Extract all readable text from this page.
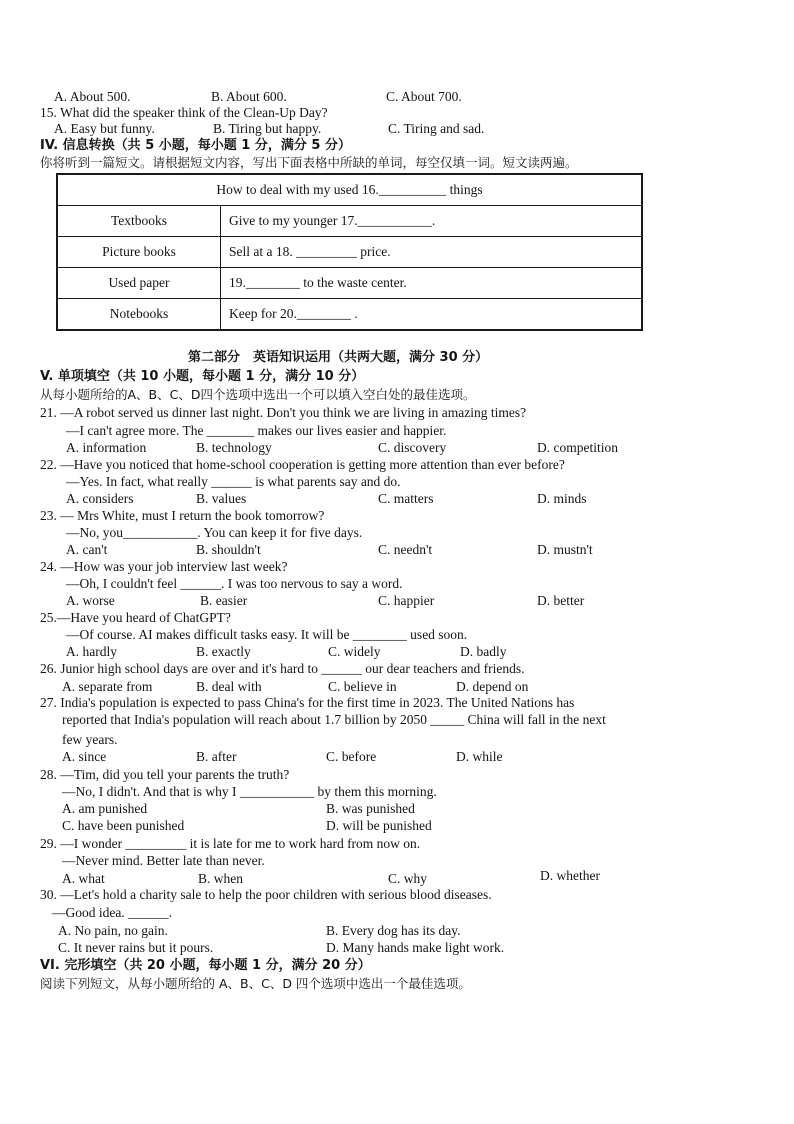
A. About 500.	B. About 600.	C. About 700.
15. What did the speaker think of the Clean-Up Day?
A. Easy but funny.	B. Tiring but happy.	C. Tiring and sad.
IV. 信息转换（共 5 小题，每小题 1 分，满分 5 分）
你将听到一篇短文。请根据短文内容，写出下面表格中所缺的单词，每空仅填一词。短文读两遍。
How to deal with my used 16.__________ things	
Textbooks	Give to my younger 17.___________.
Picture books	Sell at a 18. _________ price.
Used paper	19.________ to the waste center.
Notebooks	Keep for 20.________ .
第二部分　英语知识运用（共两大题，满分 30 分）
V. 单项填空（共 10 小题，每小题 1 分，满分 10 分）
从每小题所给的A、B、C、D四个选项中选出一个可以填入空白处的最佳选项。
21. —A robot served us dinner last night. Don't you think we are living in amazing times?
—I can't agree more. The _______ makes our lives easier and happier.
A. information	B. technology	C. discovery	D. competition
22. —Have you noticed that home-school cooperation is getting more attention than ever before?
—Yes. In fact, what really ______ is what parents say and do.
A. considers	B. values	C. matters	D. minds
23. — Mrs White, must I return the book tomorrow?
—No, you___________. You can keep it for five days.
A. can't	B. shouldn't	C. needn't	D. mustn't
24. —How was your job interview last week?
—Oh, I couldn't feel ______. I was too nervous to say a word.
A. worse	B. easier	C. happier	D. better
25.—Have you heard of ChatGPT?
—Of course. AI makes difficult tasks easy. It will be ________ used soon.
A. hardly	B. exactly	C. widely	D. badly
26. Junior high school days are over and it's hard to ______ our dear teachers and friends.
A. separate from	B. deal with	C. believe in	D. depend on
27. India's population is expected to pass China's for the first time in 2023. The United Nations has
reported that India's population will reach about 1.7 billion by 2050 _____ China will fall in the next
few years.
A. since	B. after	C. before	D. while
28. —Tim, did you tell your parents the truth?
—No, I didn't. And that is why I ___________ by them this morning.
A. am punished	B. was punished
C. have been punished	D. will be punished
29. —I wonder _________ it is late for me to work hard from now on.
—Never mind. Better late than never.
A. what	B. when	C. why	D. whether
30. —Let's hold a charity sale to help the poor children with serious blood diseases.
—Good idea. ______.
A. No pain, no gain.	B. Every dog has its day.
C. It never rains but it pours.	D. Many hands make light work.
VI. 完形填空（共 20 小题，每小题 1 分，满分 20 分）
阅读下列短文，从每小题所给的 A、B、C、D 四个选项中选出一个最佳选项。
